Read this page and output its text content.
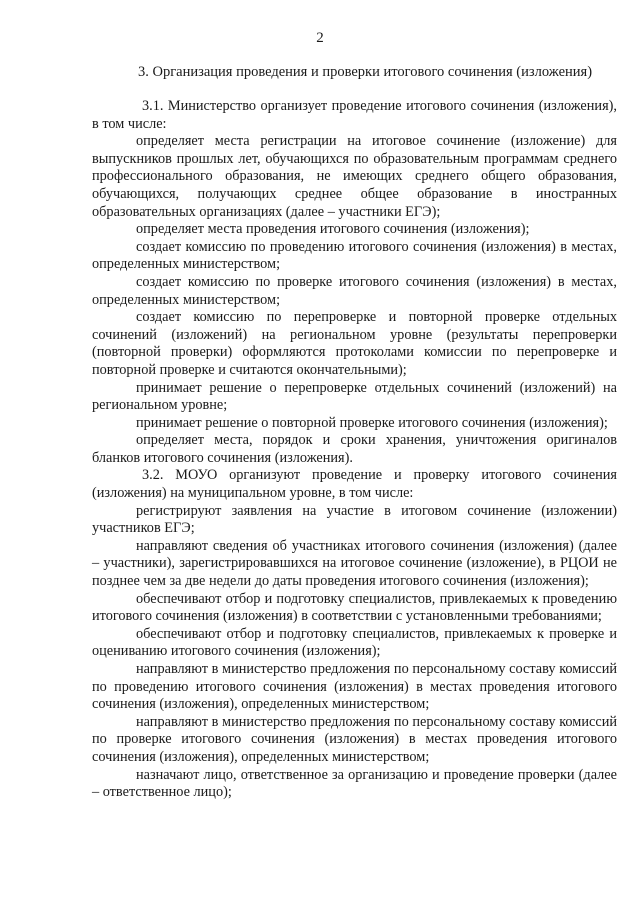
2
3. Организация проведения и проверки итогового сочинения (изложения)

3.1. Министерство организует проведение итогового сочинения (изложения), в том числе:

определяет места регистрации на итоговое сочинение (изложение) для выпускников прошлых лет, обучающихся по образовательным программам среднего профессионального образования, не имеющих среднего общего образования, обучающихся, получающих среднее общее образование в иностранных образовательных организациях (далее – участники ЕГЭ);

определяет места проведения итогового сочинения (изложения);

создает комиссию по проведению итогового сочинения (изложения) в местах, определенных министерством;

создает комиссию по проверке итогового сочинения (изложения) в местах, определенных министерством;

создает комиссию по перепроверке и повторной проверке отдельных сочинений (изложений) на региональном уровне (результаты перепроверки (повторной проверки) оформляются протоколами комиссии по перепроверке и повторной проверке и считаются окончательными);

принимает решение о перепроверке отдельных сочинений (изложений) на региональном уровне;

принимает решение о повторной проверке итогового сочинения (изложения);

определяет места, порядок и сроки хранения, уничтожения оригиналов бланков итогового сочинения (изложения).

3.2. МОУО организуют проведение и проверку итогового сочинения (изложения) на муниципальном уровне, в том числе:

регистрируют заявления на участие в итоговом сочинение (изложении) участников ЕГЭ;

направляют сведения об участниках итогового сочинения (изложения) (далее – участники), зарегистрировавшихся на итоговое сочинение (изложение), в РЦОИ не позднее чем за две недели до даты проведения итогового сочинения (изложения);

обеспечивают отбор и подготовку специалистов, привлекаемых к проведению итогового сочинения (изложения) в соответствии с установленными требованиями;

обеспечивают отбор и подготовку специалистов, привлекаемых к проверке и оцениванию итогового сочинения (изложения);

направляют в министерство предложения по персональному составу комиссий по проведению итогового сочинения (изложения) в местах проведения итогового сочинения (изложения), определенных министерством;

направляют в министерство предложения по персональному составу комиссий по проверке итогового сочинения (изложения) в местах проведения итогового сочинения (изложения), определенных министерством;

назначают лицо, ответственное за организацию и проведение проверки (далее – ответственное лицо);
